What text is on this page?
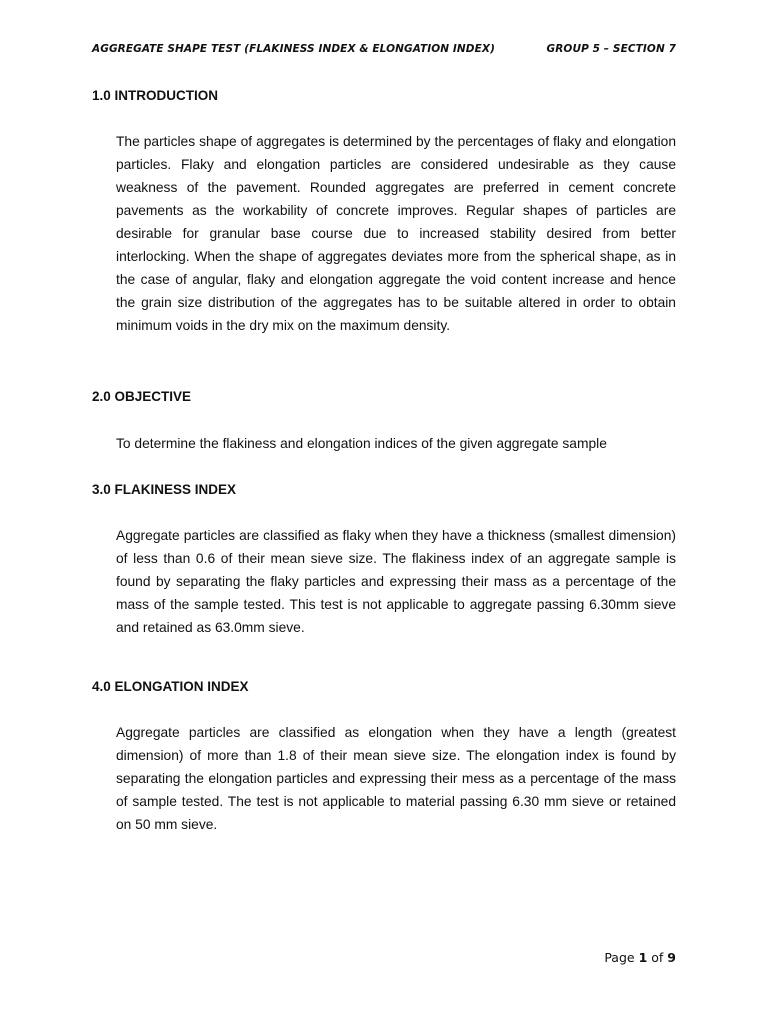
AGGREGATE SHAPE TEST (FLAKINESS INDEX & ELONGATION INDEX)	GROUP 5 – SECTION 7
1.0 INTRODUCTION
The particles shape of aggregates is determined by the percentages of flaky and elongation particles. Flaky and elongation particles are considered undesirable as they cause weakness of the pavement. Rounded aggregates are preferred in cement concrete pavements as the workability of concrete improves. Regular shapes of particles are desirable for granular base course due to increased stability desired from better interlocking. When the shape of aggregates deviates more from the spherical shape, as in the case of angular, flaky and elongation aggregate the void content increase and hence the grain size distribution of the aggregates has to be suitable altered in order to obtain minimum voids in the dry mix on the maximum density.
2.0 OBJECTIVE
To determine the flakiness and elongation indices of the given aggregate sample
3.0 FLAKINESS INDEX
Aggregate particles are classified as flaky when they have a thickness (smallest dimension) of less than 0.6 of their mean sieve size. The flakiness index of an aggregate sample is found by separating the flaky particles and expressing their mass as a percentage of the mass of the sample tested. This test is not applicable to aggregate passing 6.30mm sieve and retained as 63.0mm sieve.
4.0 ELONGATION INDEX
Aggregate particles are classified as elongation when they have a length (greatest dimension) of more than 1.8 of their mean sieve size. The elongation index is found by separating the elongation particles and expressing their mess as a percentage of the mass of sample tested. The test is not applicable to material passing 6.30 mm sieve or retained on 50 mm sieve.
Page 1 of 9
